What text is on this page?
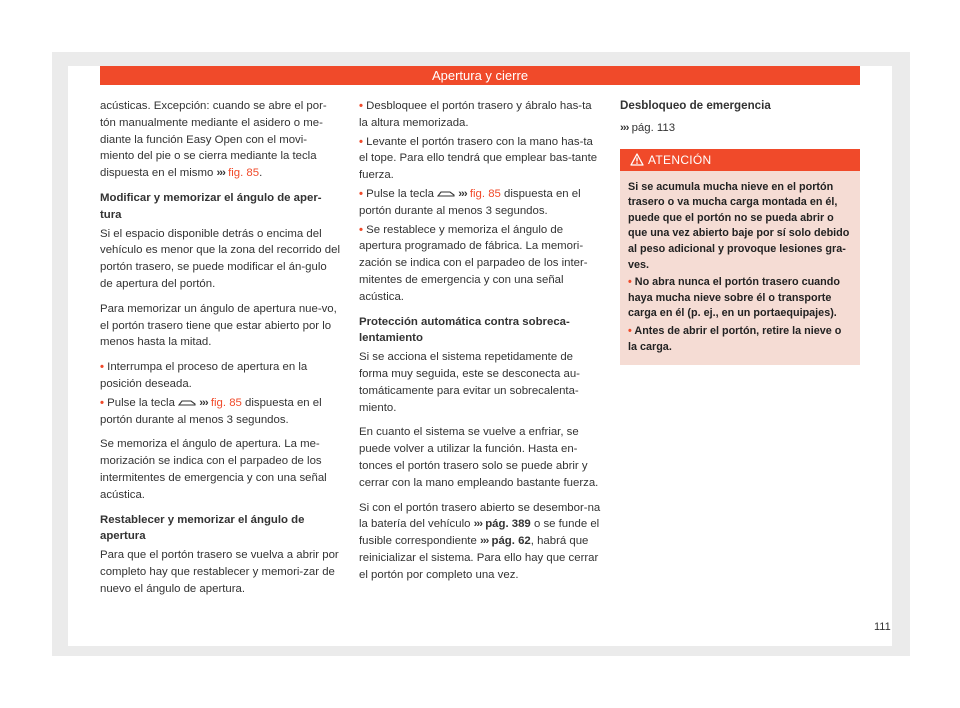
Apertura y cierre

acústicas. Excepción: cuando se abre el por-tón manualmente mediante el asidero o me-diante la función Easy Open con el movi-miento del pie o se cierra mediante la tecla dispuesta en el mismo ››› fig. 85.

Modificar y memorizar el ángulo de aper-tura

Si el espacio disponible detrás o encima del vehículo es menor que la zona del recorrido del portón trasero, se puede modificar el án-gulo de apertura del portón.

Para memorizar un ángulo de apertura nue-vo, el portón trasero tiene que estar abierto por lo menos hasta la mitad.

• Interrumpa el proceso de apertura en la posición deseada.

• Pulse la tecla ››› fig. 85 dispuesta en el portón durante al menos 3 segundos.

Se memoriza el ángulo de apertura. La me-morización se indica con el parpadeo de los intermitentes de emergencia y con una señal acústica.

Restablecer y memorizar el ángulo de apertura

Para que el portón trasero se vuelva a abrir por completo hay que restablecer y memori-zar de nuevo el ángulo de apertura.

• Desbloquee el portón trasero y ábralo has-ta la altura memorizada.

• Levante el portón trasero con la mano has-ta el tope. Para ello tendrá que emplear bas-tante fuerza.

• Pulse la tecla ››› fig. 85 dispuesta en el portón durante al menos 3 segundos.

• Se restablece y memoriza el ángulo de apertura programado de fábrica. La memori-zación se indica con el parpadeo de los inter-mitentes de emergencia y con una señal acústica.

Protección automática contra sobreca-lentamiento

Si se acciona el sistema repetidamente de forma muy seguida, este se desconecta au-tomáticamente para evitar un sobrecalenta-miento.

En cuanto el sistema se vuelve a enfriar, se puede volver a utilizar la función. Hasta en-tonces el portón trasero solo se puede abrir y cerrar con la mano empleando bastante fuerza.

Si con el portón trasero abierto se desembor-na la batería del vehículo ››› pág. 389 o se funde el fusible correspondiente ››› pág. 62, habrá que reinicializar el sistema. Para ello hay que cerrar el portón por completo una vez.

Desbloqueo de emergencia

››› pág. 113

ATENCIÓN

Si se acumula mucha nieve en el portón trasero o va mucha carga montada en él, puede que el portón no se pueda abrir o que una vez abierto baje por sí solo debido al peso adicional y provoque lesiones gra-ves.

• No abra nunca el portón trasero cuando haya mucha nieve sobre él o transporte carga en él (p. ej., en un portaequipajes).

• Antes de abrir el portón, retire la nieve o la carga.

111
